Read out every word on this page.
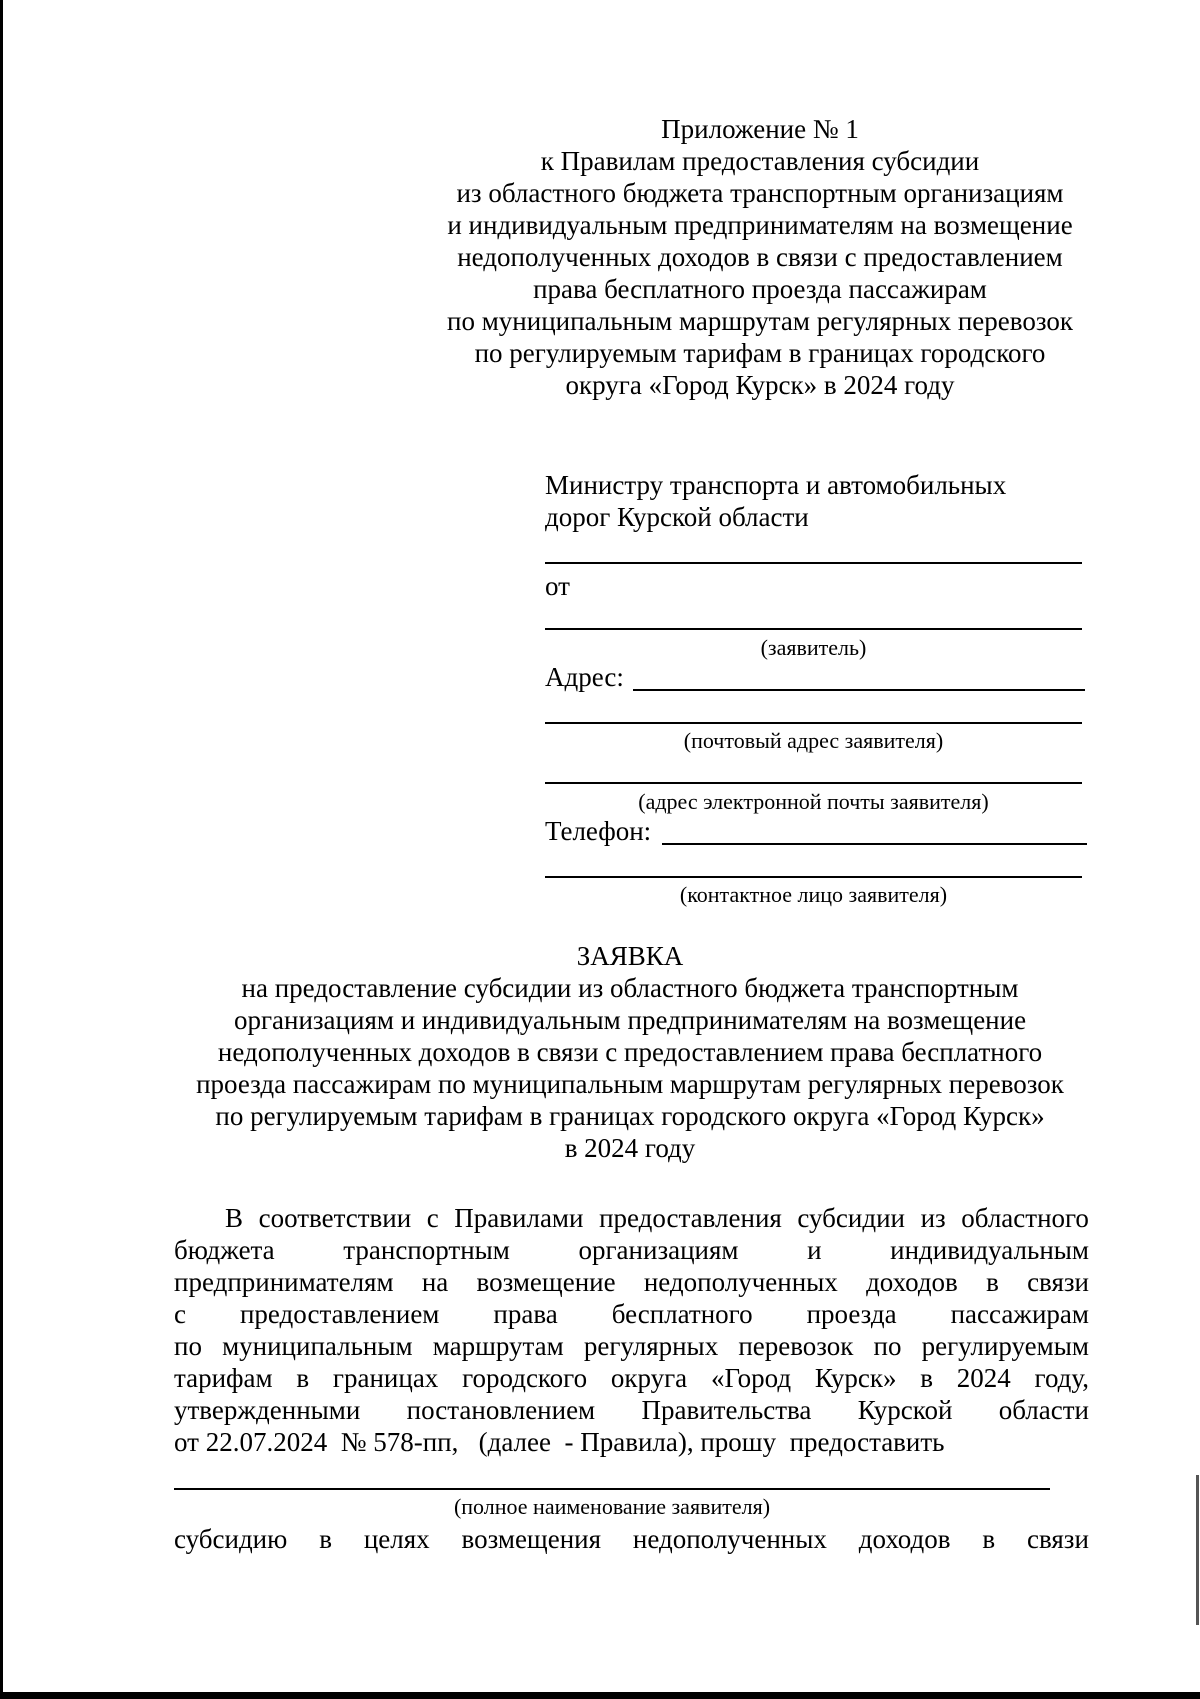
Приложение № 1
к Правилам предоставления субсидии
из областного бюджета транспортным организациям
и индивидуальным предпринимателям на возмещение
недополученных доходов в связи с предоставлением
права бесплатного проезда пассажирам
по муниципальным маршрутам регулярных перевозок
по регулируемым тарифам в границах городского
округа «Город Курск» в 2024 году
Министру транспорта и автомобильных
дорог Курской области
от
(заявитель)
Адрес:
(почтовый адрес заявителя)
(адрес электронной почты заявителя)
Телефон:
(контактное лицо заявителя)
ЗАЯВКА
на предоставление субсидии из областного бюджета транспортным
организациям и индивидуальным предпринимателям на возмещение
недополученных доходов в связи с предоставлением права бесплатного
проезда пассажирам по муниципальным маршрутам регулярных перевозок
по регулируемым тарифам в границах городского округа «Город Курск»
в 2024 году
В соответствии с Правилами предоставления субсидии из областного
бюджета	транспортным	организациям	и	индивидуальным
предпринимателям на возмещение недополученных доходов в связи
с предоставлением права бесплатного проезда пассажирам
по муниципальным маршрутам регулярных перевозок по регулируемым
тарифам в границах городского округа «Город Курск» в 2024 году,
утвержденными постановлением Правительства Курской области
от 22.07.2024  № 578-пп,   (далее  - Правила), прошу  предоставить
(полное наименование заявителя)
субсидию в целях возмещения недополученных доходов в связи
